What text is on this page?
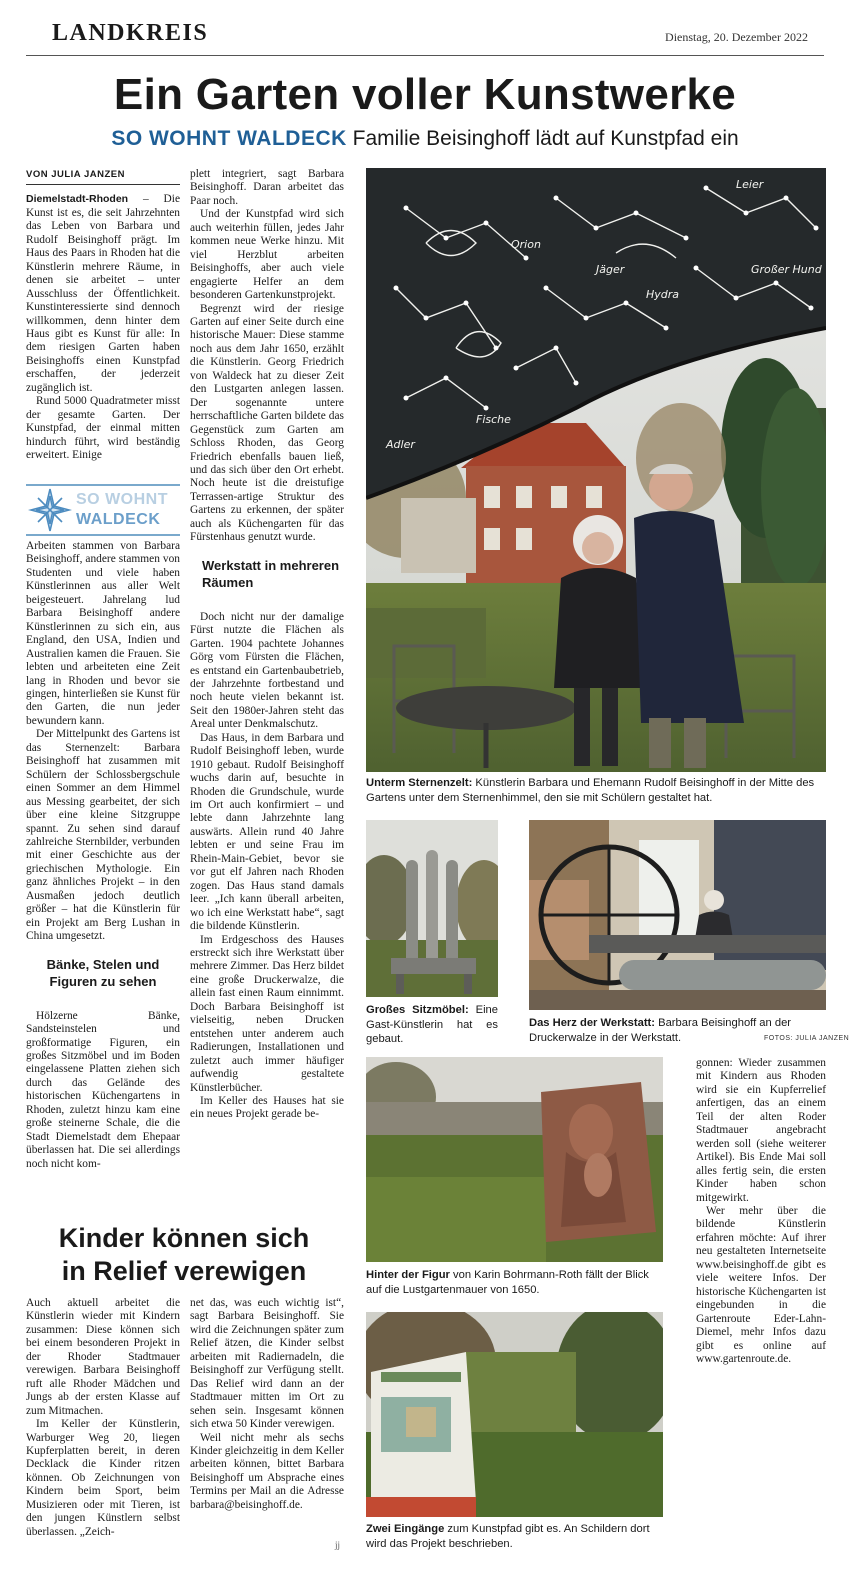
LANDKREIS	Dienstag, 20. Dezember 2022
Ein Garten voller Kunstwerke
SO WOHNT WALDECK Familie Beisinghoff lädt auf Kunstpfad ein
VON JULIA JANZEN

Diemelstadt-Rhoden – Die Kunst ist es, die seit Jahrzehnten das Leben von Barbara und Rudolf Beisinghoff prägt. Im Haus des Paars in Rhoden hat die Künstlerin mehrere Räume, in denen sie arbeitet – unter Ausschluss der Öffentlichkeit. Kunstinteressierte sind dennoch willkommen, denn hinter dem Haus gibt es Kunst für alle: In dem riesigen Garten haben Beisinghoffs einen Kunstpfad erschaffen, der jederzeit zugänglich ist.

Rund 5000 Quadratmeter misst der gesamte Garten. Der Kunstpfad, der einmal mitten hindurch führt, wird beständig erweitert. Einige

SO WOHNT
WALDECK

Arbeiten stammen von Barbara Beisinghoff, andere stammen von Studenten und viele haben Künstlerinnen aus aller Welt beigesteuert. Jahrelang lud Barbara Beisinghoff andere Künstlerinnen zu sich ein, aus England, den USA, Indien und Australien kamen die Frauen. Sie lebten und arbeiteten eine Zeit lang in Rhoden und bevor sie gingen, hinterließen sie Kunst für den Garten, die nun jeder bewundern kann.

Der Mittelpunkt des Gartens ist das Sternenzelt: Barbara Beisinghoff hat zusammen mit Schülern der Schlossbergschule einen Sommer an dem Himmel aus Messing gearbeitet, der sich über eine kleine Sitzgruppe spannt. Zu sehen sind darauf zahlreiche Sternbilder, verbunden mit einer Geschichte aus der griechischen Mythologie. Ein ganz ähnliches Projekt – in den Ausmaßen jedoch deutlich größer – hat die Künstlerin für ein Projekt am Berg Lushan in China umgesetzt.

Bänke, Stelen und Figuren zu sehen

Hölzerne Bänke, Sandsteinstelen und großformatige Figuren, ein großes Sitzmöbel und im Boden eingelassene Platten ziehen sich durch das Gelände des historischen Küchengartens in Rhoden, zuletzt hinzu kam eine große steinerne Schale, die die Stadt Diemelstadt dem Ehepaar überlassen hat. Die sei allerdings noch nicht kom-

plett integriert, sagt Barbara Beisinghoff. Daran arbeitet das Paar noch.

Und der Kunstpfad wird sich auch weiterhin füllen, jedes Jahr kommen neue Werke hinzu. Mit viel Herzblut arbeiten Beisinghoffs, aber auch viele engagierte Helfer an dem besonderen Gartenkunstprojekt.

Begrenzt wird der riesige Garten auf einer Seite durch eine historische Mauer: Diese stamme noch aus dem Jahr 1650, erzählt die Künstlerin. Georg Friedrich von Waldeck hat zu dieser Zeit den Lustgarten anlegen lassen. Der sogenannte untere herrschaftliche Garten bildete das Gegenstück zum Garten am Schloss Rhoden, das Georg Friedrich ebenfalls bauen ließ, und das sich über den Ort erhebt. Noch heute ist die dreistufige Terrassen-artige Struktur des Gartens zu erkennen, der später auch als Küchengarten für das Fürstenhaus genutzt wurde.

Werkstatt in mehreren Räumen

Doch nicht nur der damalige Fürst nutzte die Flächen als Garten. 1904 pachtete Johannes Görg vom Fürsten die Flächen, es entstand ein Gartenbaubetrieb, der Jahrzehnte fortbestand und noch heute vielen bekannt ist. Seit den 1980er-Jahren steht das Areal unter Denkmalschutz.

Das Haus, in dem Barbara und Rudolf Beisinghoff leben, wurde 1910 gebaut. Rudolf Beisinghoff wuchs darin auf, besuchte in Rhoden die Grundschule, wurde im Ort auch konfirmiert – und lebte dann Jahrzehnte lang auswärts. Allein rund 40 Jahre lebten er und seine Frau im Rhein-Main-Gebiet, bevor sie vor gut elf Jahren nach Rhoden zogen. Das Haus stand damals leer. „Ich kann überall arbeiten, wo ich eine Werkstatt habe“, sagt die bildende Künstlerin.

Im Erdgeschoss des Hauses erstreckt sich ihre Werkstatt über mehrere Zimmer. Das Herz bildet eine große Druckerwalze, die allein fast einen Raum einnimmt. Doch Barbara Beisinghoff ist vielseitig, neben Drucken entstehen unter anderem auch Radierungen, Installationen und zuletzt auch immer häufiger aufwendig gestaltete Künstlerbücher.

Im Keller des Hauses hat sie ein neues Projekt gerade be-

Kinder können sich
in Relief verewigen

Auch aktuell arbeitet die Künstlerin wieder mit Kindern zusammen: Diese können sich bei einem besonderen Projekt in der Rhoder Stadtmauer verewigen. Barbara Beisinghoff ruft alle Rhoder Mädchen und Jungs ab der ersten Klasse auf zum Mitmachen.

Im Keller der Künstlerin, Warburger Weg 20, liegen Kupferplatten bereit, in deren Decklack die Kinder ritzen können. Ob Zeichnungen von Kindern beim Sport, beim Musizieren oder mit Tieren, ist den jungen Künstlern selbst überlassen. „Zeich-

net das, was euch wichtig ist“, sagt Barbara Beisinghoff. Sie wird die Zeichnungen später zum Relief ätzen, die Kinder selbst arbeiten mit Radiernadeln, die Beisinghoff zur Verfügung stellt. Das Relief wird dann an der Stadtmauer mitten im Ort zu sehen sein. Insgesamt können sich etwa 50 Kinder verewigen.

Weil nicht mehr als sechs Kinder gleichzeitig in dem Keller arbeiten können, bittet Barbara Beisinghoff um Absprache eines Termins per Mail an die Adresse barbara@beisinghoff.de.

jj
Fische
Orion
Adler
Jäger
Hydra
Leier
Großer Hund
Unterm Sternenzelt: Künstlerin Barbara und Ehemann Rudolf Beisinghoff in der Mitte des Gartens unter dem Sternenhimmel, den sie mit Schülern gestaltet hat.
Großes Sitzmöbel: Eine Gast-Künstlerin hat es gebaut.
Das Herz der Werkstatt: Barbara Beisinghoff an der Druckerwalze in der Werkstatt.	FOTOS: JULIA JANZEN
Hinter der Figur von Karin Bohrmann-Roth fällt der Blick auf die Lustgartenmauer von 1650.
Zwei Eingänge zum Kunstpfad gibt es. An Schildern dort wird das Projekt beschrieben.

gonnen: Wieder zusammen mit Kindern aus Rhoden wird sie ein Kupferrelief anfertigen, das an einem Teil der alten Roder Stadtmauer angebracht werden soll (siehe weiterer Artikel). Bis Ende Mai soll alles fertig sein, die ersten Kinder haben schon mitgewirkt.

Wer mehr über die bildende Künstlerin erfahren möchte: Auf ihrer neu gestalteten Internetseite www.beisinghoff.de gibt es viele weitere Infos. Der historische Küchengarten ist eingebunden in die Gartenroute Eder-Lahn-Diemel, mehr Infos dazu gibt es online auf www.gartenroute.de.
